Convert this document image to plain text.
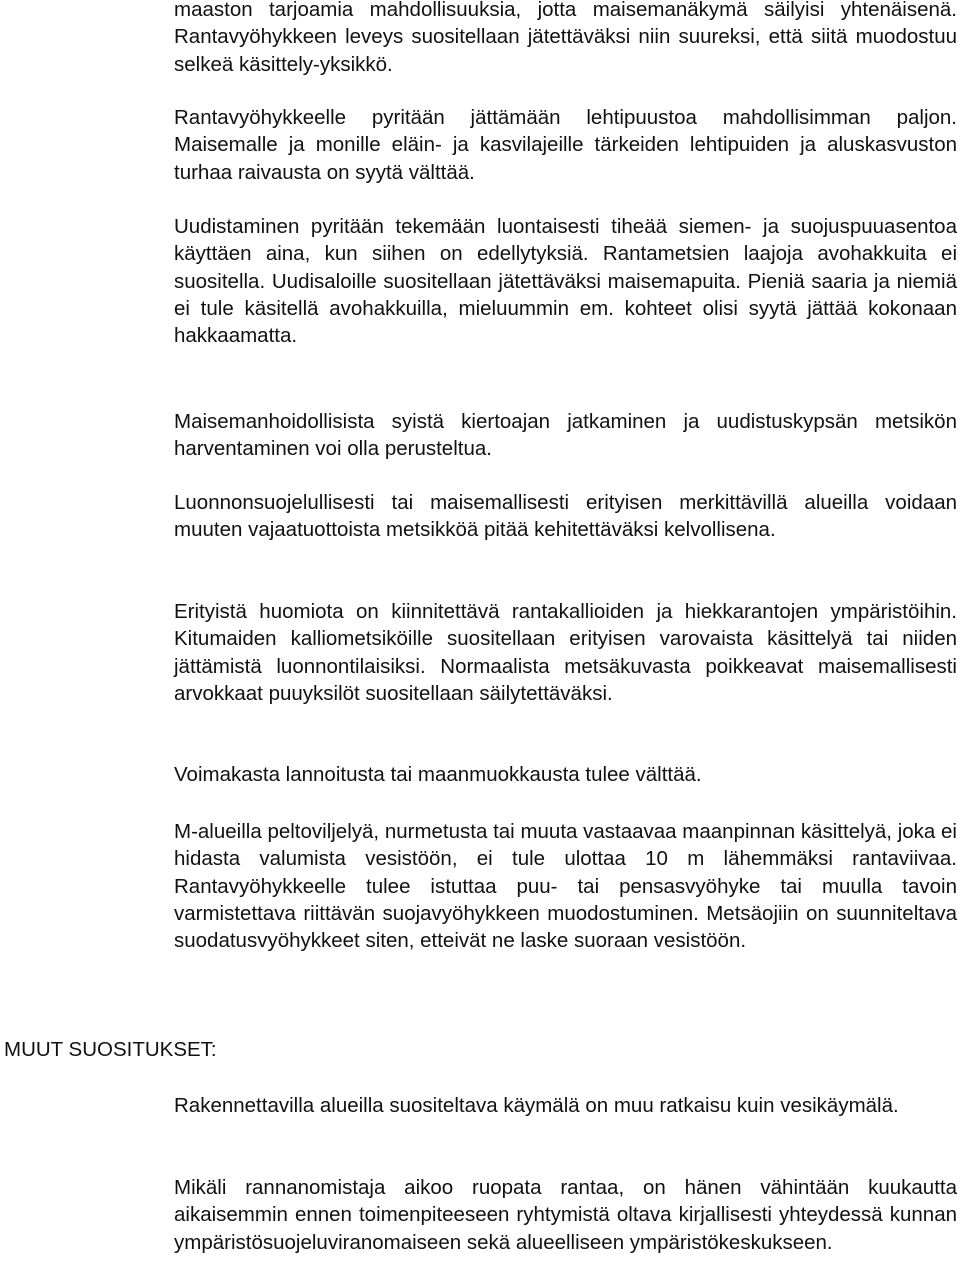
maaston tarjoamia mahdollisuuksia, jotta maisemanäkymä säilyisi yhtenäisenä. Rantavyöhykkeen leveys suositellaan jätettäväksi niin suureksi, että siitä muodostuu selkeä käsittely-yksikkö.

Rantavyöhykkeelle pyritään jättämään lehtipuustoa mahdollisimman paljon. Maisemalle ja monille eläin- ja kasvilajeille tärkeiden lehtipuiden ja aluskasvuston turhaa raivausta on syytä välttää.

Uudistaminen pyritään tekemään luontaisesti tiheää siemen- ja suojuspuuasentoa käyttäen aina, kun siihen on edellytyksiä. Rantametsien laajoja avohakkuita ei suositella. Uudisaloille suositellaan jätettäväksi maisemapuita. Pieniä saaria ja niemiä ei tule käsitellä avohakkuilla, mieluummin em. kohteet olisi syytä jättää kokonaan hakkaamatta.

Maisemanhoidollisista syistä kiertoajan jatkaminen ja uudistuskypsän metsikön harventaminen voi olla perusteltua.

Luonnonsuojelullisesti tai maisemallisesti erityisen merkittävillä alueilla voidaan muuten vajaatuottoista metsikköä pitää kehitettäväksi kelvollisena.

Erityistä huomiota on kiinnitettävä rantakallioiden ja hiekkarantojen ympäristöihin. Kitumaiden kalliometsiköille suositellaan erityisen varovaista käsittelyä tai niiden jättämistä luonnontilaisiksi. Normaalista metsäkuvasta poikkeavat maisemallisesti arvokkaat puuyksilöt suositellaan säilytettäväksi.

Voimakasta lannoitusta tai maanmuokkausta tulee välttää.

M-alueilla peltoviljelyä, nurmetusta tai muuta vastaavaa maanpinnan käsittelyä, joka ei hidasta valumista vesistöön, ei tule ulottaa 10 m lähemmäksi rantaviivaa. Rantavyöhykkeelle tulee istuttaa puu- tai pensasvyöhyke tai muulla tavoin varmistettava riittävän suojavyöhykkeen muodostuminen. Metsäojiin on suunniteltava suodatusvyöhykkeet siten, etteivät ne laske suoraan vesistöön.

MUUT SUOSITUKSET:

Rakennettavilla alueilla suositeltava käymälä on muu ratkaisu kuin vesikäymälä.

Mikäli rannanomistaja aikoo ruopata rantaa, on hänen vähintään kuukautta aikaisemmin ennen toimenpiteeseen ryhtymistä oltava kirjallisesti yhteydessä kunnan ympäristösuojeluviranomaiseen sekä alueelliseen ympäristökeskukseen.
